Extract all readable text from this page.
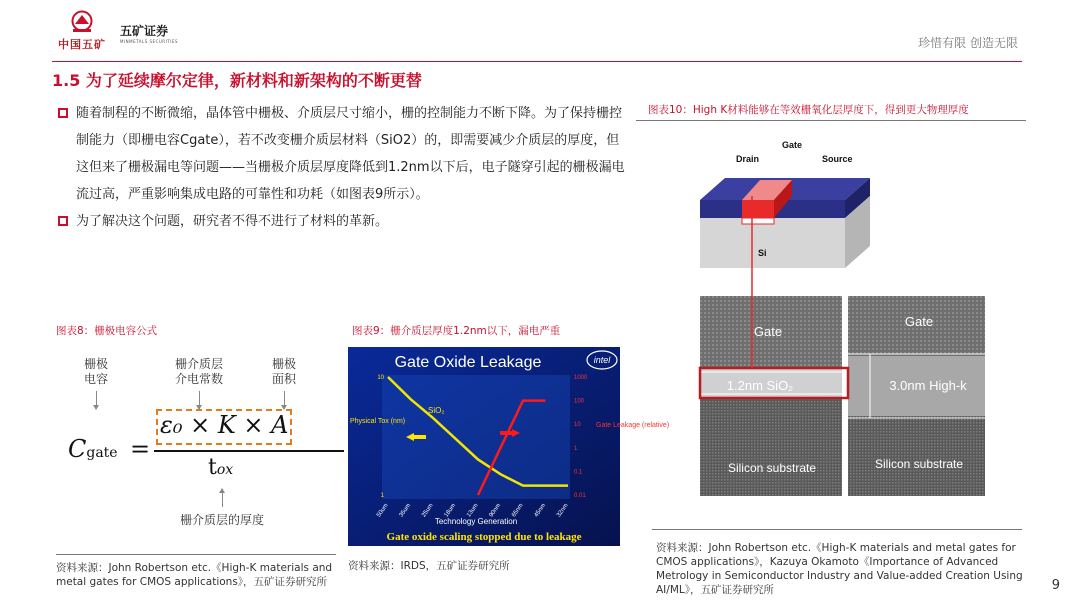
中国五矿
五矿证券
MINMETALS SECURITIES	珍惜有限 创造无限
1.5 为了延续摩尔定律，新材料和新架构的不断更替
随着制程的不断微缩，晶体管中栅极、介质层尺寸缩小，栅的控制能力不断下降。为了保持栅控制能力（即栅电容Cgate），若不改变栅介质层材料（SiO2）的，即需要减少介质层的厚度，但这但来了栅极漏电等问题——当栅极介质层厚度降低到1.2nm以下后，电子隧穿引起的栅极漏电流过高，严重影响集成电路的可靠性和功耗（如图表9所示）。
为了解决这个问题，研究者不得不进行了材料的革新。
图表8：栅极电容公式
栅极
电容
栅介质层
介电常数
栅极
面积
ε₀ × K × A
Cgate =
tox
栅介质层的厚度
资料来源：John Robertson etc.《High-K materials and metal gates for CMOS applications》，五矿证券研究所
图表9：栅介质层厚度1.2nm以下，漏电严重
Gate Oxide Leakage	intel
Physical Tox (nm)
Gate Leakage (relative)
50um 35um 25um 18um 13um 90nm 65nm 45nm 32nm
10
1
1000
100
10
1
0.1
0.01
SiO₂
Technology Generation
Gate oxide scaling stopped due to leakage
资料来源：IRDS，五矿证券研究所
图表10：High K材料能够在等效栅氧化层厚度下，得到更大物理厚度
Gate
Drain	Source
Si
Gate
1.2nm SiO₂
Silicon substrate
Gate
3.0nm High-k
Silicon substrate
资料来源：John Robertson etc.《High-K materials and metal gates for CMOS applications》，Kazuya Okamoto《Importance of Advanced Metrology in Semiconductor Industry and Value-added Creation Using AI/ML》，五矿证券研究所	9
